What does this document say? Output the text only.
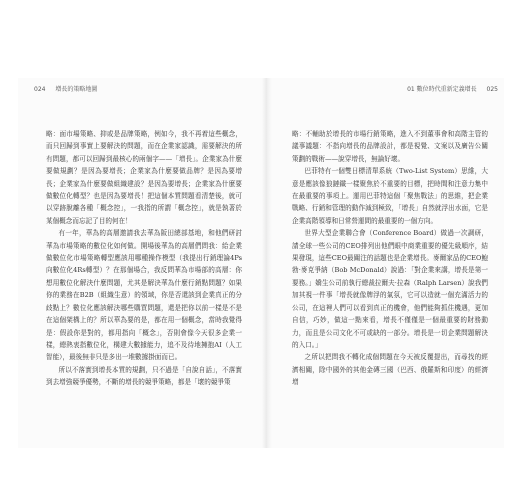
024 增長的策略地圖	01 數位時代重新定義增長 025

略：面市場策略、抑或是品牌策略，例如今，我不再着這些概念，而只回歸到事實上要解決的問題，而在企業家認識，需要解決的所有問題，都可以回歸到最核心的兩個字——「增長」。企業家為什麼要做規劃？是因為要增長；企業家為什麼要做品牌？是因為要增長；企業家為什麼要做組織建設？是因為要增長；企業家為什麼要做數位化轉型？也是因為要增長！把這個本質問題看清楚後，就可以穿跡脫離各種「概念控」，一我指的所謂「概念控」，就是執著於某個概念而忘記了目的何在！

有一年，華為的高層邀請我去華為阪田總部基地，和他們研討華為市場策略的數位化如何做。開場後華為的高層們問我：給企業做數位化市場策略轉型應該用哪種操作模型（我提出行銷理論4Ps向數位化4Rs轉型）？在那個場合，我反問華為市場部的高層：你想用數位化解決什麼問題，尤其是解決華為什麼行銷點問題？如果你的業務在B2B（組織生意）的領域，你是否還該到企業真正的分歧點上？數位化應該解決哪些購買問題，還是把你以前一樣是不是在這個架構上的？所以華為要的是，都在用一個概念，當時我覺得是：假設你是對的，都用指向「概念」，否則會像今天很多企業一樣，總熱衷指數位化，構建大數據能力，追不及待地擁抱AI（人工智能），最後無非只是多出一堆數據掛面而已。

所以不落實到增長本質的規劃，只不過是「自說自話」，不落實到去增強競爭優勢，不斷的增長的競爭策略，都是「壞的競爭策

略：不輔助於增長的市場行銷策略，進入不到董事會和高階主管的議事議題：不指向增長的品牌設計，都是視覺、文案以及廣告公關策劃的戰術——說穿增長，無論好壞。

巴菲特有一個雙日標清單系統（Two-List System）思維，大意是應該像狼鏈鐵一樣聚焦於不重要的目標，把時間和注意力集中在最重要的事項上。運用巴菲特這個「聚焦戰法」的思維，把企業戰略、行銷和管理的動作減到極致，「增長」自然就浮出水面，它是企業高階領導和日常營運間的最重要的一個方向。

世界大型企業聯合會（Conference Board）做過一次調研，請全球一些公司的CEO排列出他們眼中商業重要的優先級順序，結果發現，這些CEO最關注的話題也是企業增長。麥爾家品的CEO鮑勃·麥克爭納（Bob McDonald）說過：「對企業來講，增長是第一要務。」嬌生公司前執行總裁拉爾夫·拉森（Ralph Larsen）說我們加其視一件事「增長就像牌浮的氣氛，它可以造就一個充滿活力的公司，在這裡人們可以看到真正的機會，他們能夠抓住機遇，更加自信，巧妙，做這一點來看，增長不僅僅是一個最重要的財務動力，而且是公司文化不可或缺的一部分。增長是一切企業問題解決的入口。」

之所以把問我不轉化成個問題在今天被反覆提出，而尋找的經濟相關，除中國外的其他金磚三國（巴西、俄羅斯和印度）的經濟增
